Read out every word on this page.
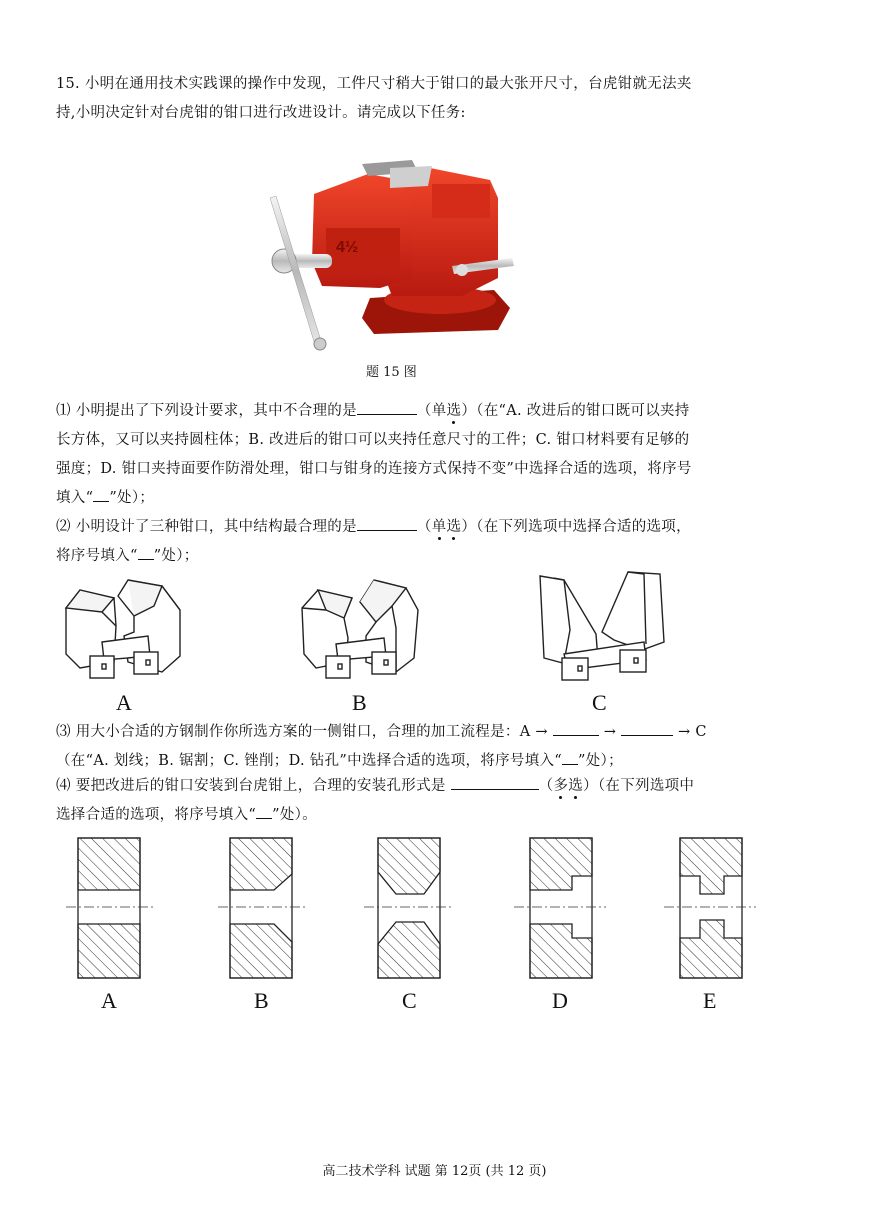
15. 小明在通用技术实践课的操作中发现，工件尺寸稍大于钳口的最大张开尺寸，台虎钳就无法夹
持,小明决定针对台虎钳的钳口进行改进设计。请完成以下任务:
4½
题 15 图
⑴ 小明提出了下列设计要求，其中不合理的是	（单选）（在“A. 改进后的钳口既可以夹持
长方体，又可以夹持圆柱体；B. 改进后的钳口可以夹持任意尺寸的工件；C. 钳口材料要有足够的
强度；D. 钳口夹持面要作防滑处理，钳口与钳身的连接方式保持不变”中选择合适的选项，将序号
填入“ ”处）；
⑵ 小明设计了三种钳口，其中结构最合理的是	（单选）（在下列选项中选择合适的选项，
将序号填入“ ”处）；
A	B	C
⑶ 用大小合适的方钢制作你所选方案的一侧钳口，合理的加工流程是：A →	→	→ C
（在“A. 划线；B. 锯割；C. 锉削；D. 钻孔”中选择合适的选项，将序号填入“ ”处）；
⑷ 要把改进后的钳口安装到台虎钳上，合理的安装孔形式是	（多选）（在下列选项中
选择合适的选项，将序号填入“ ”处）。
A	B	C	D	E
高二技术学科 试题 第 12页 (共 12 页)
